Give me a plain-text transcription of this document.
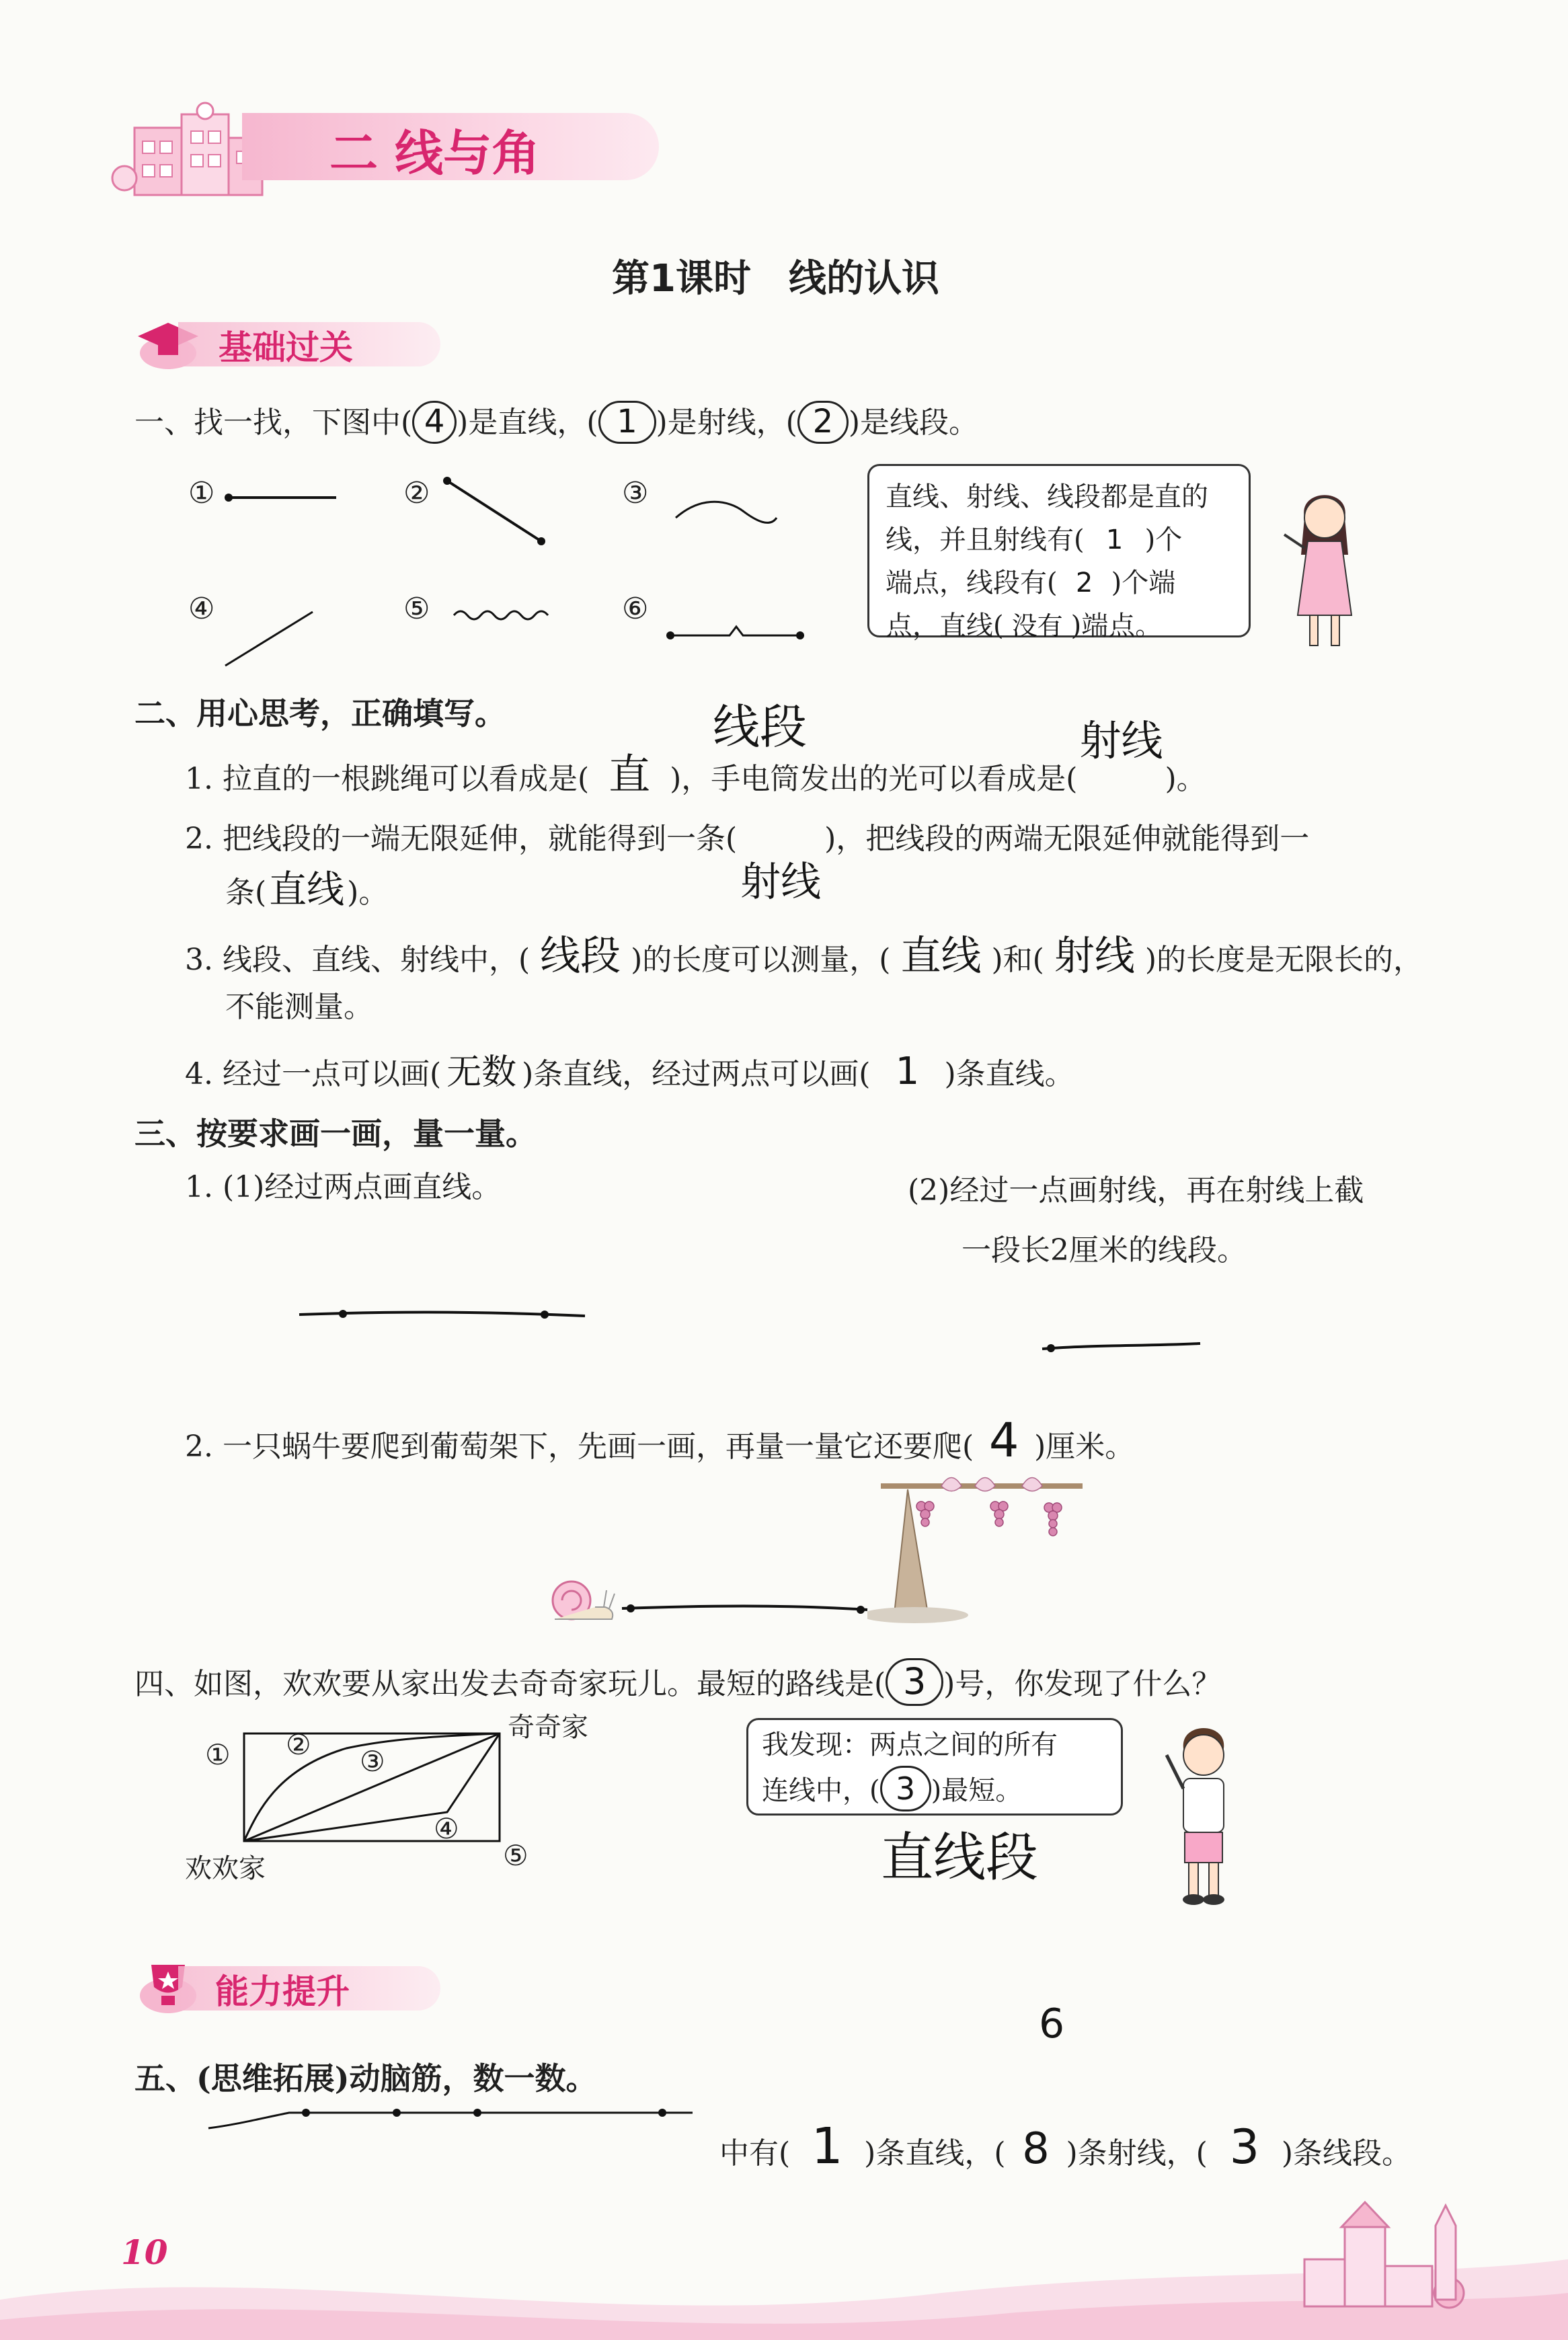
二 线与角
第1课时　线的认识
基础过关
一、找一找，下图中( 4 )是直线，( 1 )是射线，( 2 )是线段。
①	②	③
④	⑤	⑥
直线、射线、线段都是直的
线，并且射线有( 1 )个
端点，线段有( 2 )个端
点，直线( 没有 )端点。
二、用心思考，正确填写。	线段
1. 拉直的一根跳绳可以看成是( 直 )，手电筒发出的光可以看成是(射线)。
2. 把线段的一端无限延伸，就能得到一条(射线)，把线段的两端无限延伸就能得到一
条(直线)。
3. 线段、直线、射线中，( 线段 )的长度可以测量，( 直线 )和( 射线 )的长度是无限长的，
不能测量。
4. 经过一点可以画( 无数 )条直线，经过两点可以画( 1 )条直线。
三、按要求画一画，量一量。
1. (1)经过两点画直线。	(2)经过一点画射线，再在射线上截
一段长2厘米的线段。
2. 一只蜗牛要爬到葡萄架下，先画一画，再量一量它还要爬( 4 )厘米。
四、如图，欢欢要从家出发去奇奇家玩儿。最短的路线是( 3 )号，你发现了什么？
奇奇家
欢欢家
① ②
③
④
⑤
我发现：两点之间的所有
连线中，( 3 )最短。
直线段
能力提升
五、(思维拓展)动脑筋，数一数。
中有( 1 )条直线，( 8 )条射线，( 3 )条线段。
6
10
